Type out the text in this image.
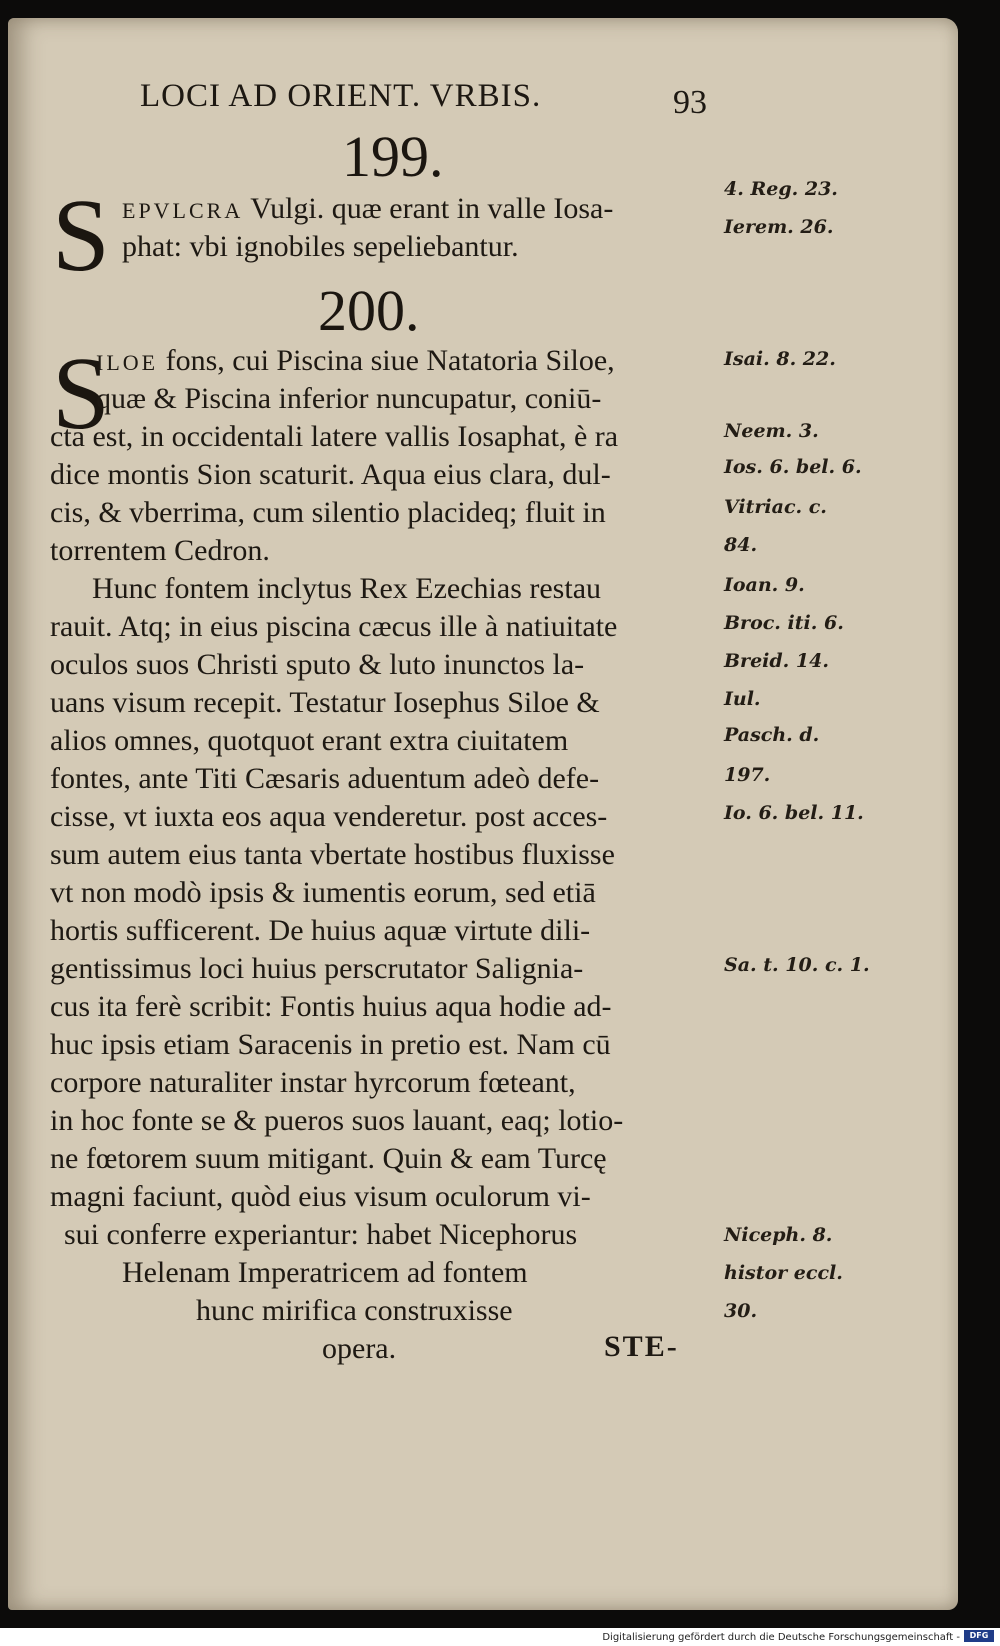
LOCI AD ORIENT. VRBIS.	93
199.
S EPVLCRA Vulgi. quæ erant in valle Iosa-
phat: vbi ignobiles sepeliebantur.
4. Reg. 23.
Ierem. 26.
200.
S
ILOE fons, cui Piscina siue Natatoria Siloe,
quæ & Piscina inferior nuncupatur, coniū-
cta est, in occidentali latere vallis Iosaphat, è ra
dice montis Sion scaturit. Aqua eius clara, dul-
cis, & vberrima, cum silentio placideq; fluit in
torrentem Cedron.
Hunc fontem inclytus Rex Ezechias restau
rauit. Atq; in eius piscina cæcus ille à natiuitate
oculos suos Christi sputo & luto inunctos la-
uans visum recepit. Testatur Iosephus Siloe &
alios omnes, quotquot erant extra ciuitatem
fontes, ante Titi Cæsaris aduentum adeò defe-
cisse, vt iuxta eos aqua venderetur. post acces-
sum autem eius tanta vbertate hostibus fluxisse
vt non modò ipsis & iumentis eorum, sed etiā
hortis sufficerent. De huius aquæ virtute dili-
gentissimus loci huius perscrutator Salignia-
cus ita ferè scribit: Fontis huius aqua hodie ad-
huc ipsis etiam Saracenis in pretio est. Nam cū
corpore naturaliter instar hyrcorum fœteant,
in hoc fonte se & pueros suos lauant, eaq; lotio-
ne fœtorem suum mitigant. Quin & eam Turcę
magni faciunt, quòd eius visum oculorum vi-
sui conferre experiantur: habet Nicephorus
Helenam Imperatricem ad fontem
hunc mirifica construxisse
opera.
Isai. 8. 22.
Neem. 3.
Ios. 6. bel. 6.
Vitriac. c.
84.
Ioan. 9.
Broc. iti. 6.
Breid. 14.
Iul.
Pasch. d.
197.
Io. 6. bel. 11.
Sa. t. 10. c. 1.
Niceph. 8.
histor eccl.
30.
STE-
Digitalisierung gefördert durch die Deutsche Forschungsgemeinschaft -	DFG
